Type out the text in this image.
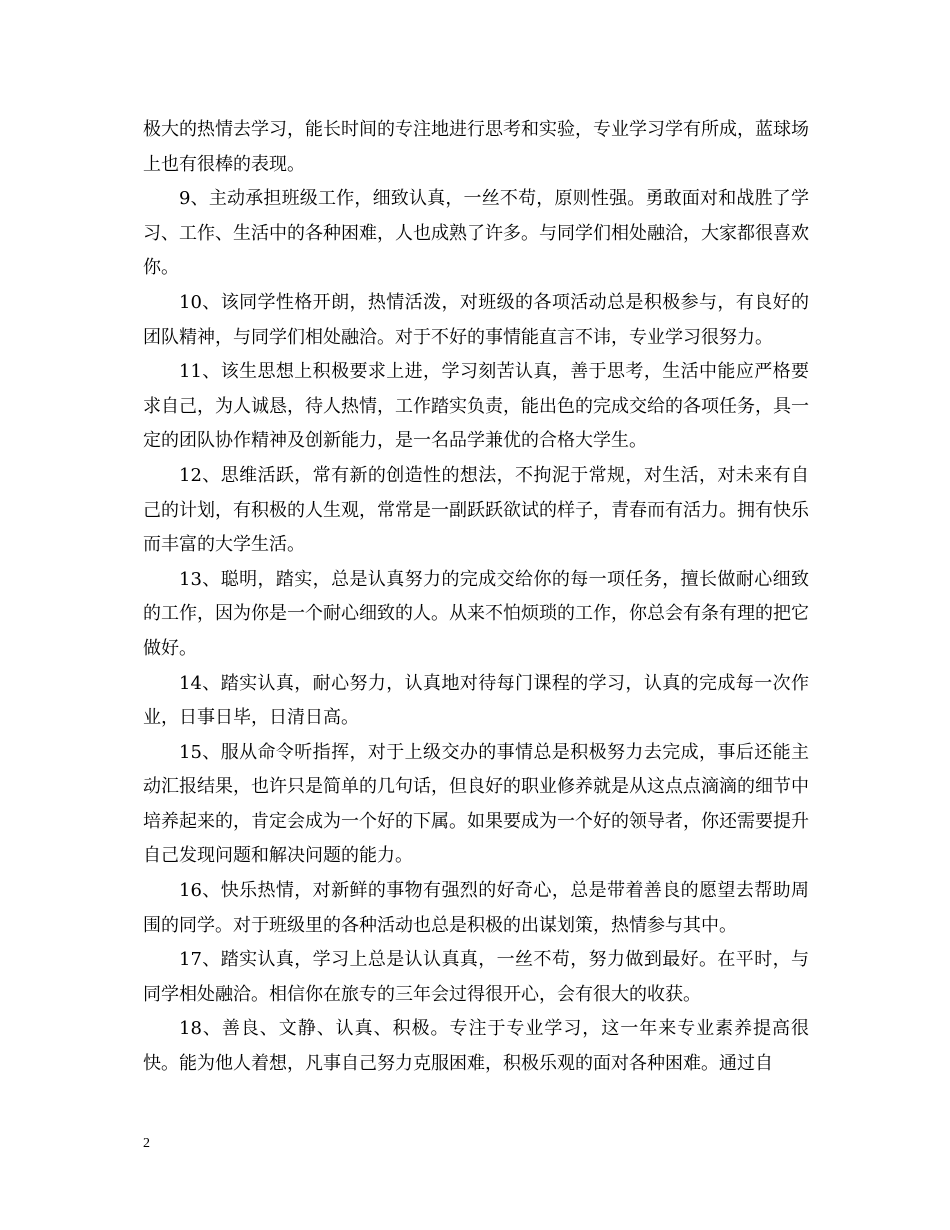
极大的热情去学习，能长时间的专注地进行思考和实验，专业学习学有所成，蓝球场上也有很棒的表现。

9、主动承担班级工作，细致认真，一丝不苟，原则性强。勇敢面对和战胜了学习、工作、生活中的各种困难，人也成熟了许多。与同学们相处融洽，大家都很喜欢你。

10、该同学性格开朗，热情活泼，对班级的各项活动总是积极参与，有良好的团队精神，与同学们相处融洽。对于不好的事情能直言不讳，专业学习很努力。

11、该生思想上积极要求上进，学习刻苦认真，善于思考，生活中能应严格要求自己，为人诚恳，待人热情，工作踏实负责，能出色的完成交给的各项任务，具一定的团队协作精神及创新能力，是一名品学兼优的合格大学生。

12、思维活跃，常有新的创造性的想法，不拘泥于常规，对生活，对未来有自己的计划，有积极的人生观，常常是一副跃跃欲试的样子，青春而有活力。拥有快乐而丰富的大学生活。

13、聪明，踏实，总是认真努力的完成交给你的每一项任务，擅长做耐心细致的工作，因为你是一个耐心细致的人。从来不怕烦琐的工作，你总会有条有理的把它做好。

14、踏实认真，耐心努力，认真地对待每门课程的学习，认真的完成每一次作业，日事日毕，日清日高。

15、服从命令听指挥，对于上级交办的事情总是积极努力去完成，事后还能主动汇报结果，也许只是简单的几句话，但良好的职业修养就是从这点点滴滴的细节中培养起来的，肯定会成为一个好的下属。如果要成为一个好的领导者，你还需要提升自己发现问题和解决问题的能力。

16、快乐热情，对新鲜的事物有强烈的好奇心，总是带着善良的愿望去帮助周围的同学。对于班级里的各种活动也总是积极的出谋划策，热情参与其中。

17、踏实认真，学习上总是认认真真，一丝不苟，努力做到最好。在平时，与同学相处融洽。相信你在旅专的三年会过得很开心，会有很大的收获。

18、善良、文静、认真、积极。专注于专业学习，这一年来专业素养提高很快。能为他人着想，凡事自己努力克服困难，积极乐观的面对各种困难。通过自

2
